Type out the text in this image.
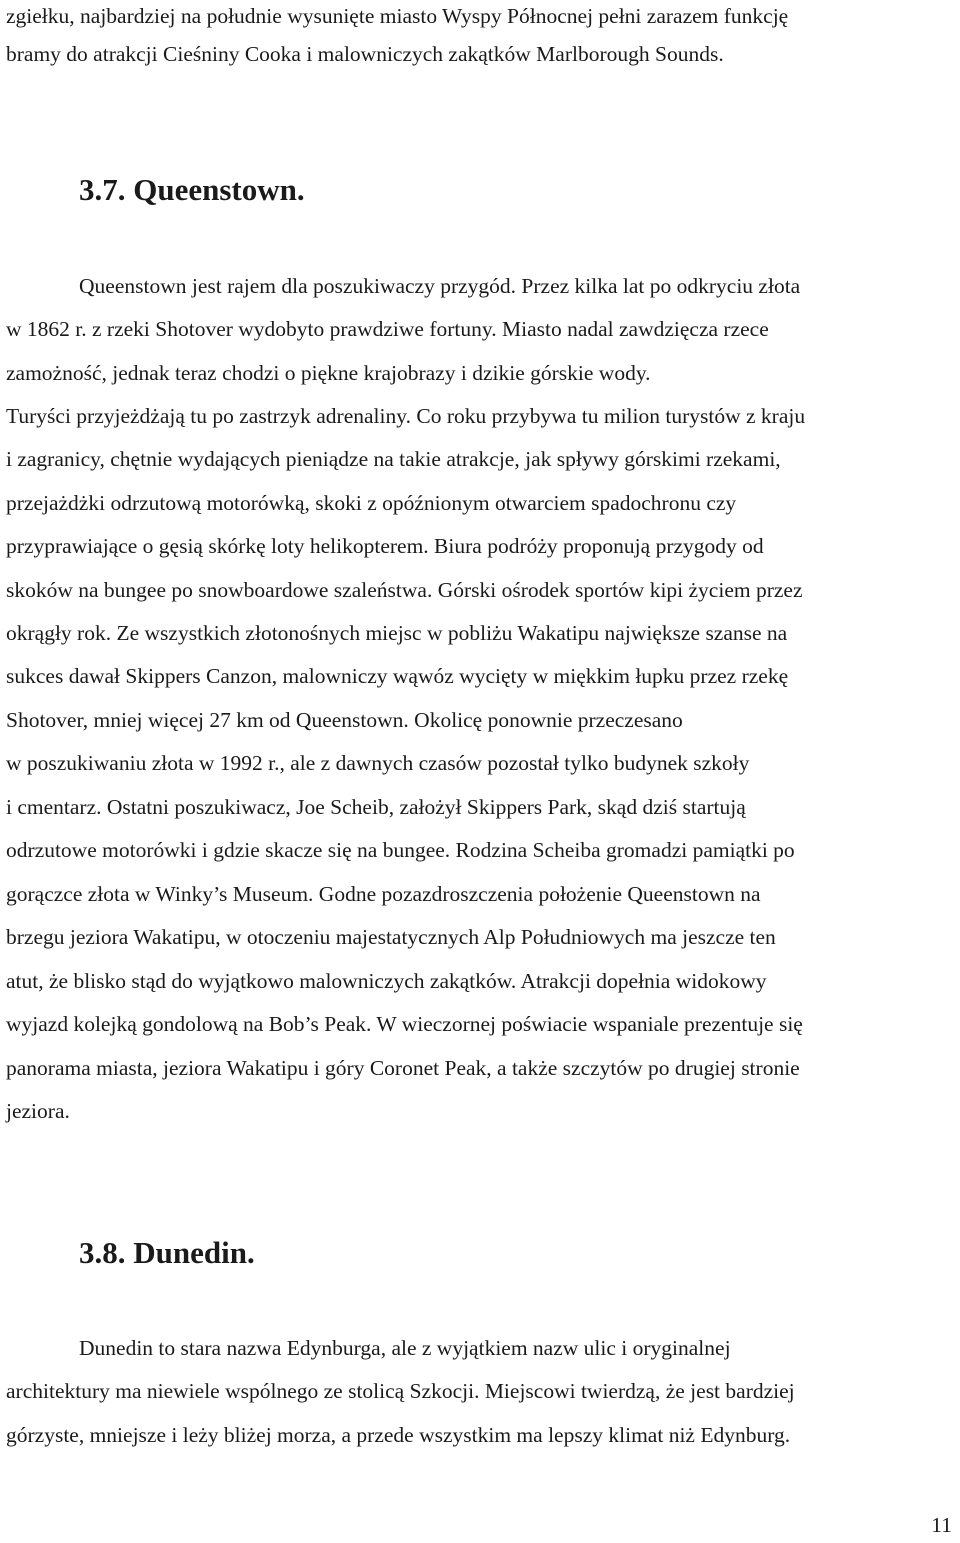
zgiełku, najbardziej na południe wysunięte miasto Wyspy Północnej pełni zarazem funkcję
bramy do atrakcji Cieśniny Cooka i malowniczych zakątków Marlborough Sounds.
3.7. Queenstown.
Queenstown jest rajem dla poszukiwaczy przygód. Przez kilka lat po odkryciu złota
w 1862 r. z rzeki Shotover wydobyto prawdziwe fortuny. Miasto nadal zawdzięcza rzece
zamożność, jednak teraz chodzi o piękne krajobrazy i dzikie górskie wody.
Turyści przyjeżdżają tu po zastrzyk adrenaliny. Co roku przybywa tu milion turystów z kraju
i zagranicy, chętnie wydających pieniądze na takie atrakcje, jak spływy górskimi rzekami,
przejażdżki odrzutową motorówką, skoki z opóźnionym otwarciem spadochronu czy
przyprawiające o gęsią skórkę loty helikopterem. Biura podróży proponują przygody od
skoków na bungee po snowboardowe szaleństwa. Górski ośrodek sportów kipi życiem przez
okrągły rok. Ze wszystkich złotonośnych miejsc w pobliżu Wakatipu największe szanse na
sukces dawał Skippers Canzon, malowniczy wąwóz wycięty w miękkim łupku przez rzekę
Shotover, mniej więcej 27 km od Queenstown. Okolicę ponownie przeczesano
w poszukiwaniu złota w 1992 r., ale z dawnych czasów pozostał tylko budynek szkoły
i cmentarz. Ostatni poszukiwacz, Joe Scheib, założył Skippers Park, skąd dziś startują
odrzutowe motorówki i gdzie skacze się na bungee. Rodzina Scheiba gromadzi pamiątki po
gorączce złota w Winky’s Museum. Godne pozazdroszczenia położenie Queenstown na
brzegu jeziora Wakatipu, w otoczeniu majestatycznych Alp Południowych ma jeszcze ten
atut, że blisko stąd do wyjątkowo malowniczych zakątków. Atrakcji dopełnia widokowy
wyjazd kolejką gondolową na Bob’s Peak. W wieczornej poświacie wspaniale prezentuje się
panorama miasta, jeziora Wakatipu i góry Coronet Peak, a także szczytów po drugiej stronie
jeziora.
3.8. Dunedin.
Dunedin to stara nazwa Edynburga, ale z wyjątkiem nazw ulic i oryginalnej
architektury ma niewiele wspólnego ze stolicą Szkocji. Miejscowi twierdzą, że jest bardziej
górzyste, mniejsze i leży bliżej morza, a przede wszystkim ma lepszy klimat niż Edynburg.
11
